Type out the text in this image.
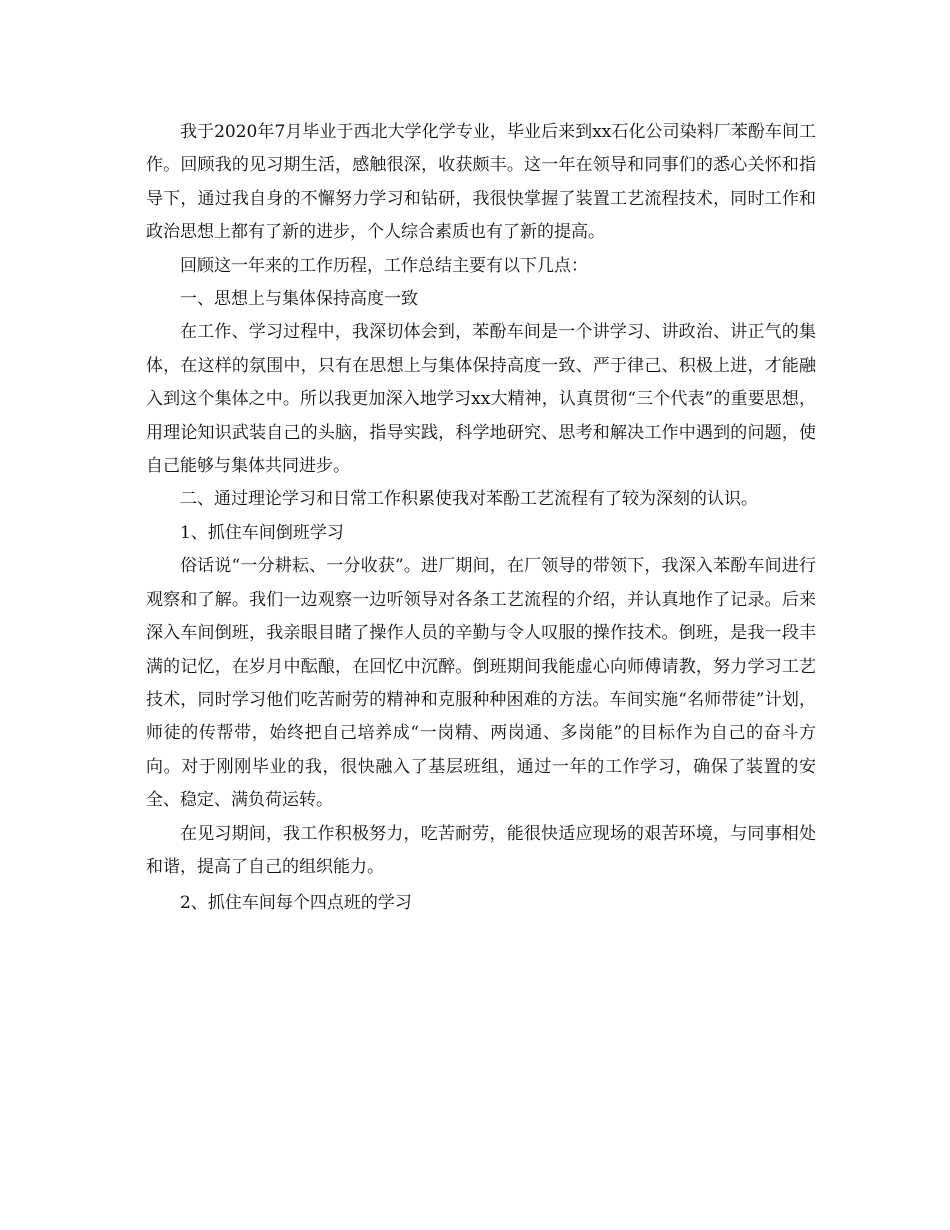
我于2020年7月毕业于西北大学化学专业，毕业后来到xx石化公司染料厂苯酚车间工作。回顾我的见习期生活，感触很深，收获颇丰。这一年在领导和同事们的悉心关怀和指导下，通过我自身的不懈努力学习和钻研，我很快掌握了装置工艺流程技术，同时工作和政治思想上都有了新的进步，个人综合素质也有了新的提高。

回顾这一年来的工作历程，工作总结主要有以下几点：

一、思想上与集体保持高度一致

在工作、学习过程中，我深切体会到，苯酚车间是一个讲学习、讲政治、讲正气的集体，在这样的氛围中，只有在思想上与集体保持高度一致、严于律己、积极上进，才能融入到这个集体之中。所以我更加深入地学习xx大精神，认真贯彻“三个代表”的重要思想，用理论知识武装自己的头脑，指导实践，科学地研究、思考和解决工作中遇到的问题，使自己能够与集体共同进步。

二、通过理论学习和日常工作积累使我对苯酚工艺流程有了较为深刻的认识。

1、抓住车间倒班学习

俗话说“一分耕耘、一分收获”。进厂期间，在厂领导的带领下，我深入苯酚车间进行观察和了解。我们一边观察一边听领导对各条工艺流程的介绍，并认真地作了记录。后来深入车间倒班，我亲眼目睹了操作人员的辛勤与令人叹服的操作技术。倒班，是我一段丰满的记忆，在岁月中酝酿，在回忆中沉醉。倒班期间我能虚心向师傅请教，努力学习工艺技术，同时学习他们吃苦耐劳的精神和克服种种困难的方法。车间实施“名师带徒”计划，师徒的传帮带，始终把自己培养成“一岗精、两岗通、多岗能”的目标作为自己的奋斗方向。对于刚刚毕业的我，很快融入了基层班组，通过一年的工作学习，确保了装置的安全、稳定、满负荷运转。

在见习期间，我工作积极努力，吃苦耐劳，能很快适应现场的艰苦环境，与同事相处和谐，提高了自己的组织能力。

2、抓住车间每个四点班的学习
